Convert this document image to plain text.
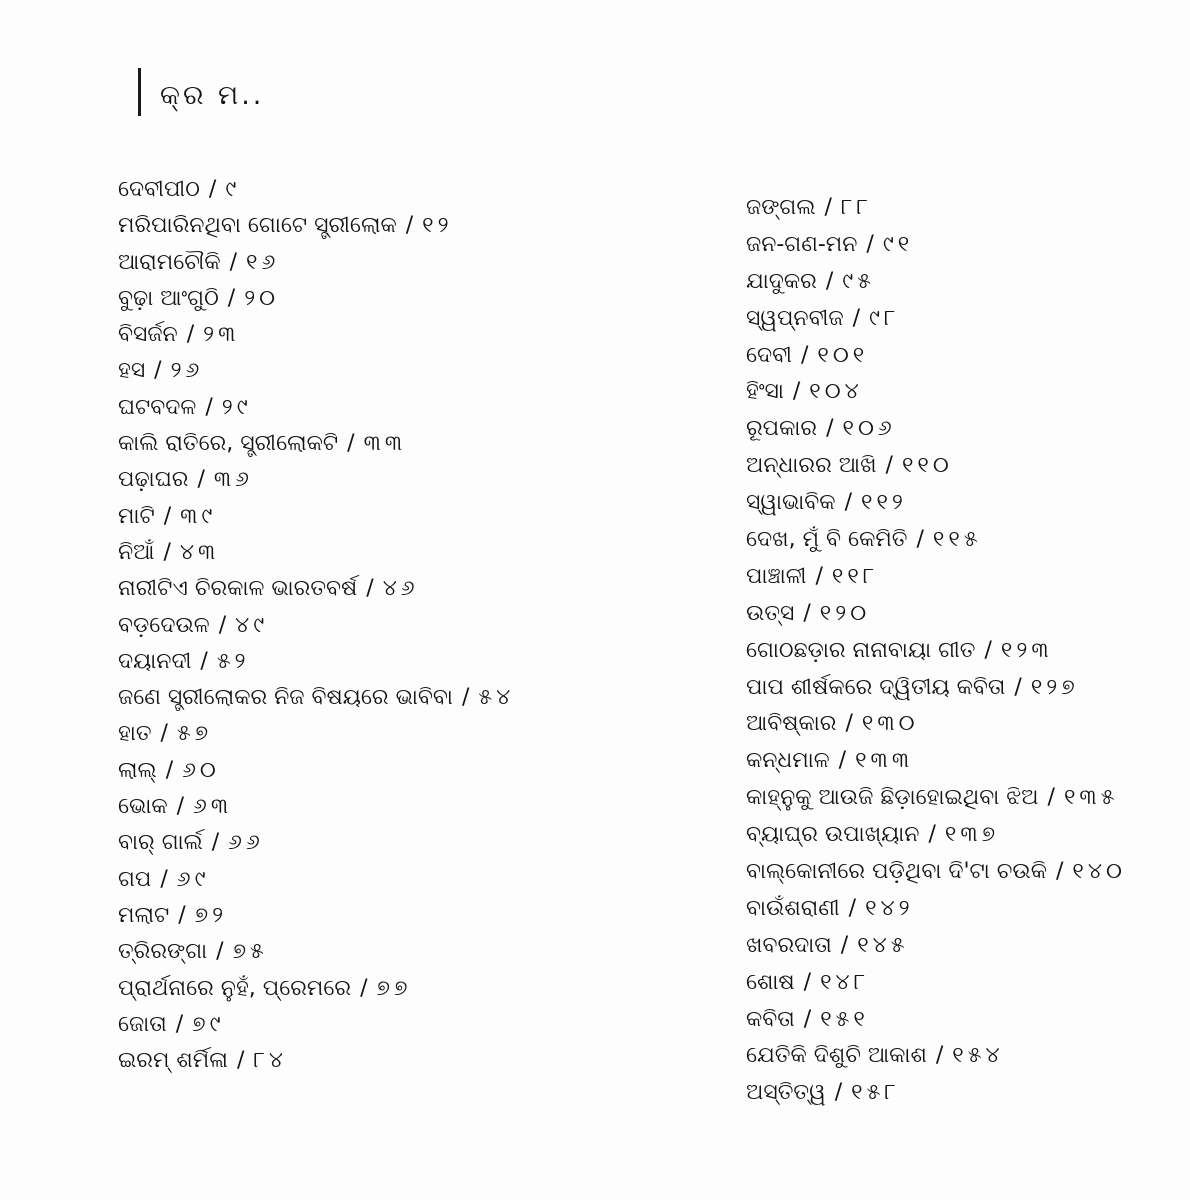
କ୍ର ମ..
ଦେବୀପୀଠ / ୯
ମରିପାରିନଥିବା ଗୋଟେ ସ୍ତ୍ରୀଲୋକ / ୧୨
ଆରାମଚୌକି / ୧୬
ବୁଢ଼ା ଆଂଗୁଠି / ୨୦
ବିସର୍ଜନ / ୨୩
ହସ / ୨୬
ଘଟବଦଳ / ୨୯
କାଲି ରାତିରେ, ସ୍ତ୍ରୀଲୋକଟି / ୩୩
ପଢ଼ାଘର / ୩୬
ମାଟି / ୩୯
ନିଆଁ / ୪୩
ନାରୀଟିଏ ଚିରକାଳ ଭାରତବର୍ଷ / ୪୬
ବଡ଼ଦେଉଳ / ୪୯
ଦୟାନଦୀ / ୫୨
ଜଣେ ସ୍ତ୍ରୀଲୋକର ନିଜ ବିଷୟରେ ଭାବିବା / ୫୪
ହାତ / ୫୭
ଲାଲ୍ / ୬୦
ଭୋକ / ୬୩
ବାର୍ ଗାର୍ଲ / ୬୬
ଗପ / ୬୯
ମଲାଟ / ୭୨
ତ୍ରିରଙ୍ଗା / ୭୫
ପ୍ରାର୍ଥନାରେ ନୁହଁ, ପ୍ରେମରେ / ୭୭
ଜୋତା / ୭୯
ଇରମ୍ ଶର୍ମିଳା / ୮୪
ଜଙ୍ଗଲ / ୮୮
ଜନ-ଗଣ-ମନ / ୯୧
ଯାଦୁକର / ୯୫
ସ୍ୱପ୍ନବୀଜ / ୯୮
ଦେବୀ / ୧୦୧
ହିଂସା / ୧୦୪
ରୂପକାର / ୧୦୬
ଅନ୍ଧାରର ଆଖି / ୧୧୦
ସ୍ୱାଭାବିକ / ୧୧୨
ଦେଖ, ମୁଁ ବି କେମିତି / ୧୧୫
ପାଞ୍ଚାଳୀ / ୧୧୮
ଉତ୍ସ / ୧୨୦
ଗୋଠଛଡ଼ାର ନାନାବାୟା ଗୀତ / ୧୨୩
ପାପ ଶୀର୍ଷକରେ ଦ୍ୱିତୀୟ କବିତା / ୧୨୭
ଆବିଷ୍କାର / ୧୩୦
କନ୍ଧମାଳ / ୧୩୩
କାହ୍ନୁକୁ ଆଉଜି ଛିଡ଼ାହୋଇଥିବା ଝିଅ / ୧୩୫
ବ୍ୟାଘ୍ର ଉପାଖ୍ୟାନ / ୧୩୭
ବାଲ୍କୋନୀରେ ପଡ଼ିଥିବା ଦି'ଟା ଚଉକି / ୧୪୦
ବାଉଁଶରାଣୀ / ୧୪୨
ଖବରଦାତା / ୧୪୫
ଶୋଷ / ୧୪୮
କବିତା / ୧୫୧
ଯେତିକି ଦିଶୁଚି ଆକାଶ / ୧୫୪
ଅସ୍ତିତ୍ୱ / ୧୫୮
